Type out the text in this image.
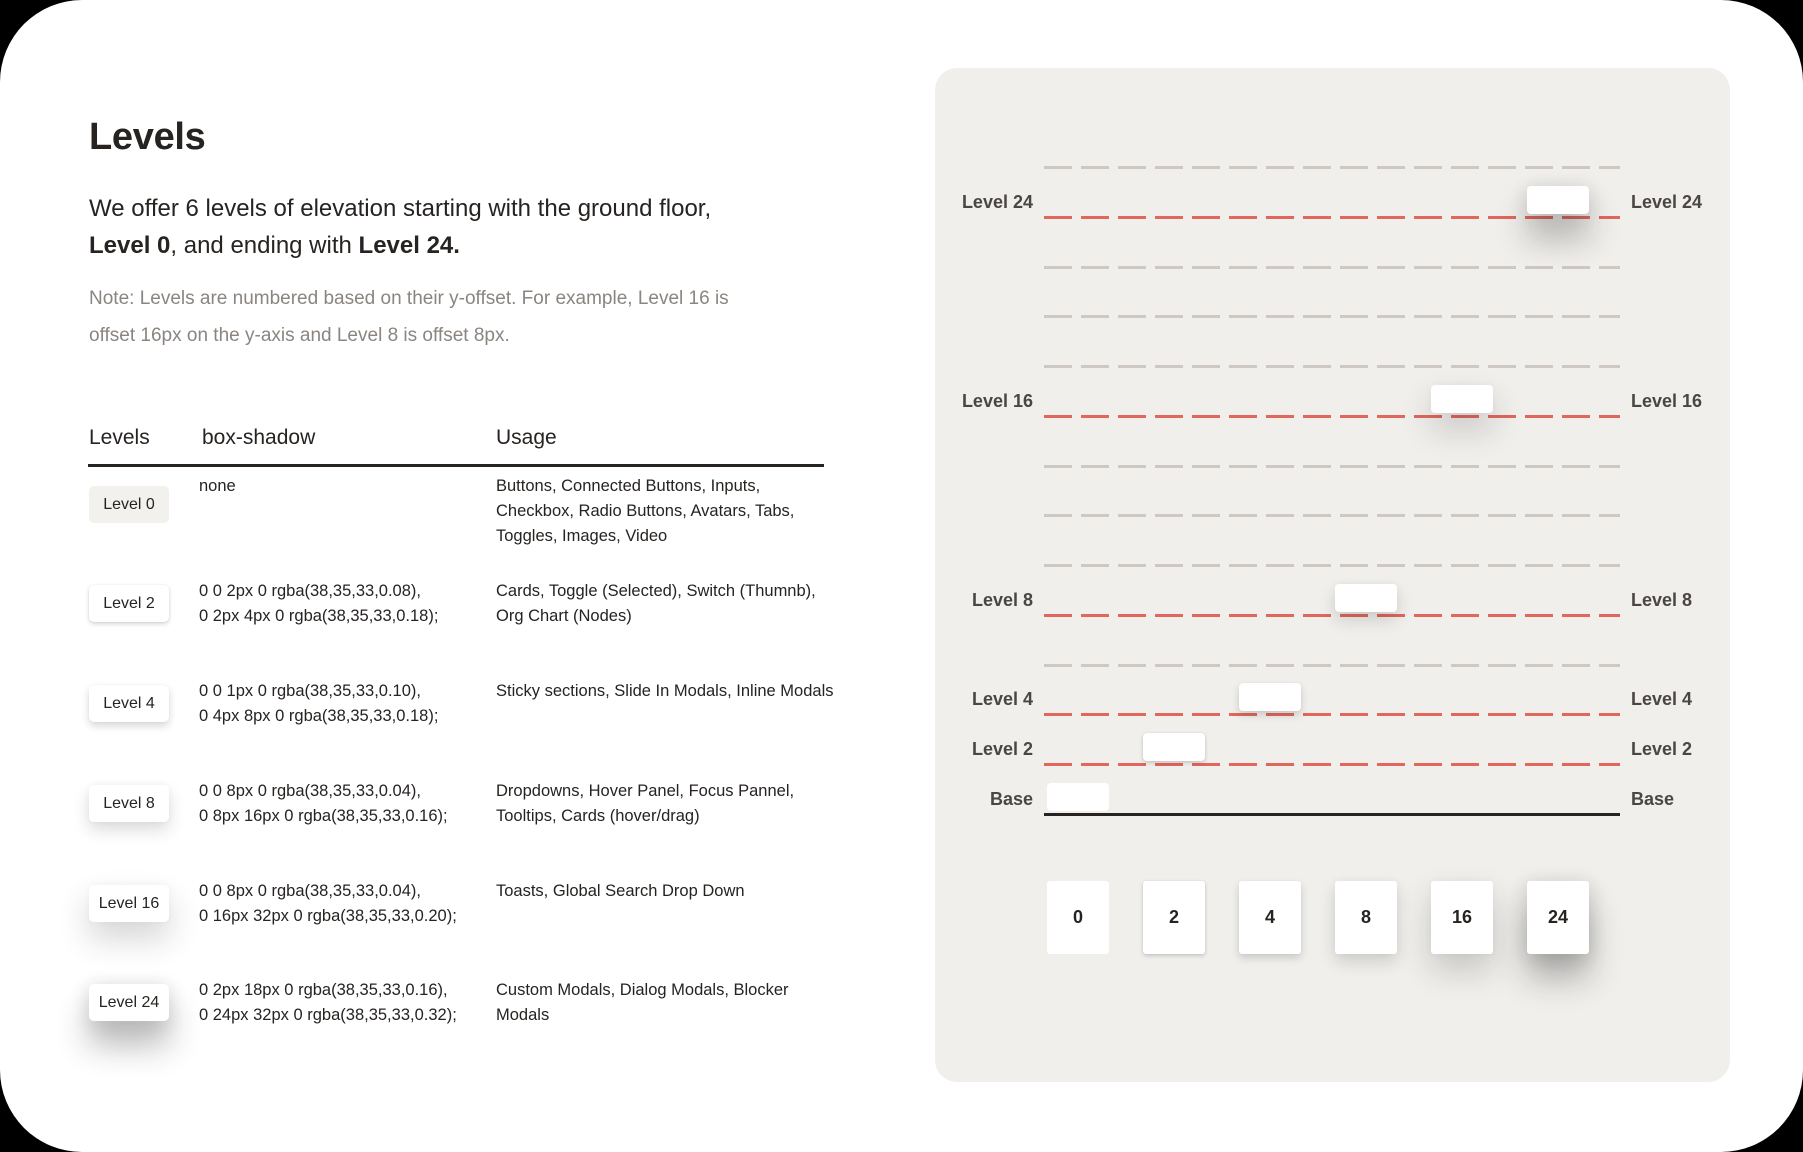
Levels
We offer 6 levels of elevation starting with the ground floor, Level 0, and ending with Level 24.
Note: Levels are numbered based on their y-offset. For example, Level 16 is offset 16px on the y-axis and Level 8 is offset 8px.
Levels box-shadow	Usage
Level 0
none	Buttons, Connected Buttons, Inputs, Checkbox, Radio Buttons, Avatars, Tabs, Toggles, Images, Video
Level 2
0 0 2px 0 rgba(38,35,33,0.08),
0 2px 4px 0 rgba(38,35,33,0.18);
Cards, Toggle (Selected), Switch (Thumnb), Org Chart (Nodes)
Level 4
0 0 1px 0 rgba(38,35,33,0.10),
0 4px 8px 0 rgba(38,35,33,0.18);
Sticky sections, Slide In Modals, Inline Modals
Level 8
0 0 8px 0 rgba(38,35,33,0.04),
0 8px 16px 0 rgba(38,35,33,0.16);
Dropdowns, Hover Panel, Focus Pannel, Tooltips, Cards (hover/drag)
Level 16
0 0 8px 0 rgba(38,35,33,0.04),
0 16px 32px 0 rgba(38,35,33,0.20);
Toasts, Global Search Drop Down
Level 24
0 2px 18px 0 rgba(38,35,33,0.16),
0 24px 32px 0 rgba(38,35,33,0.32);
Custom Modals, Dialog Modals, Blocker Modals
Level 24
Level 16
Level 8
Level 4
Level 2
Base
Level 24
Level 16
Level 8
Level 4
Level 2
Base
0	2	4	8	16	24
